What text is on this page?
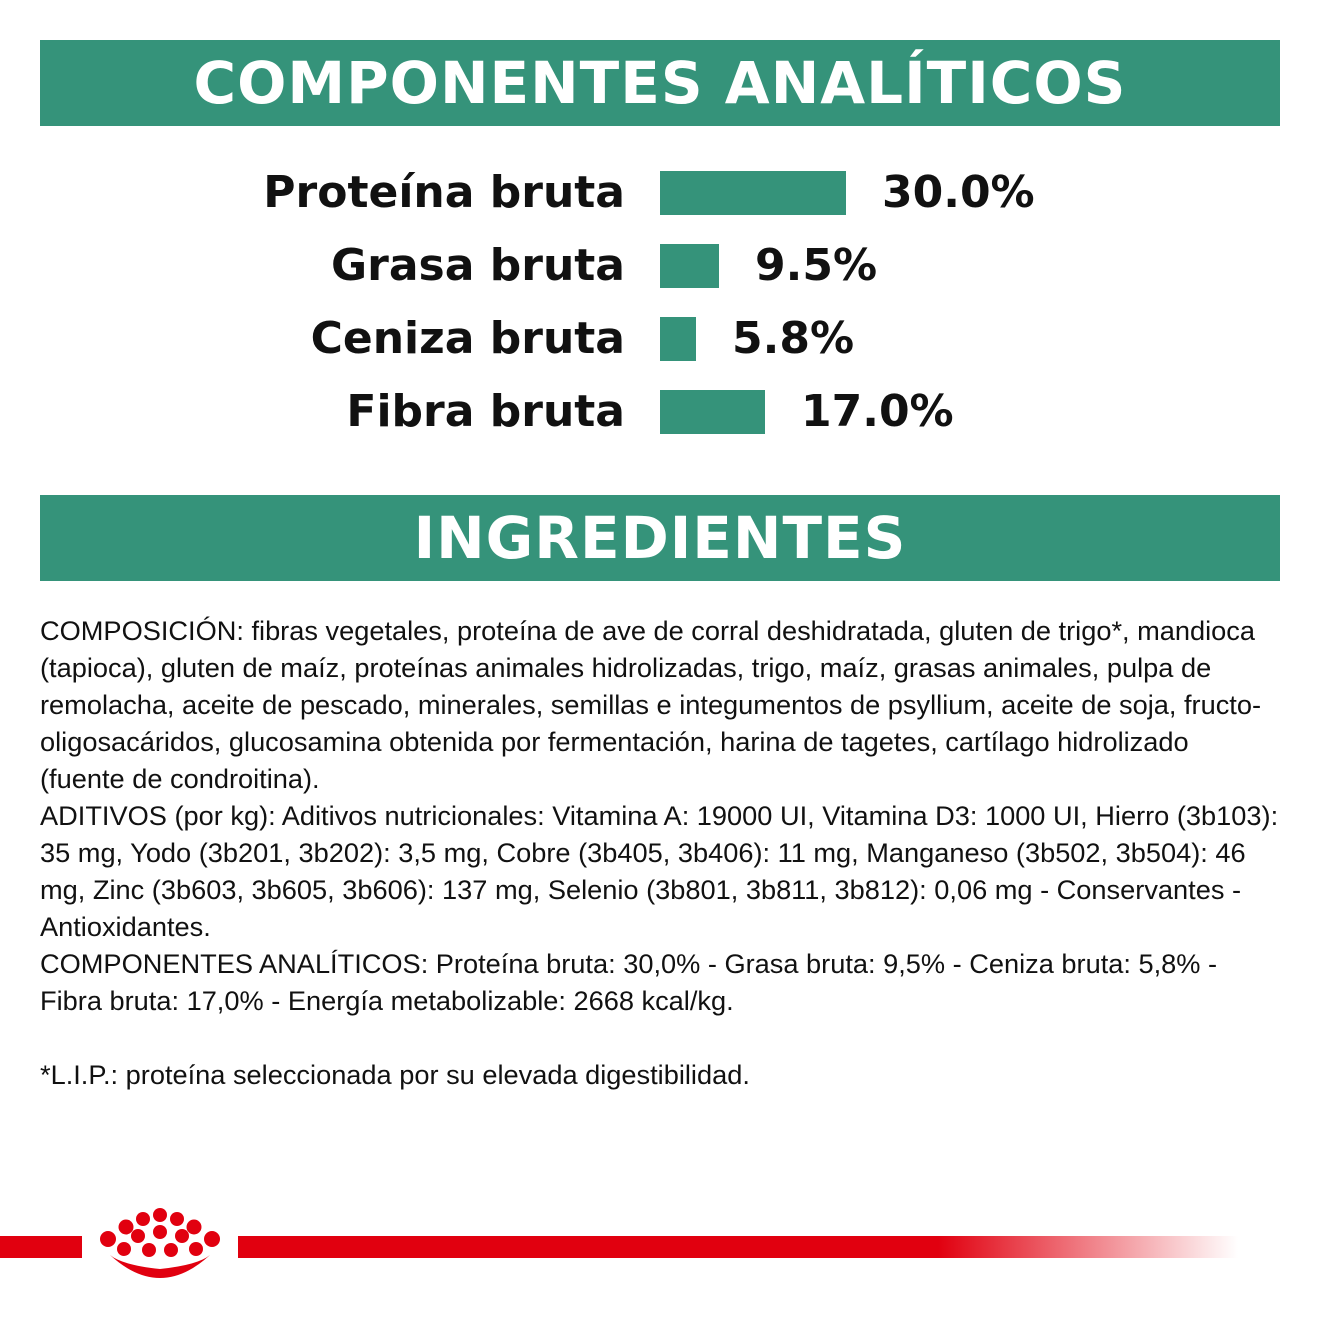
COMPONENTES ANALÍTICOS
Proteína bruta	30.0%
Grasa bruta	9.5%
Ceniza bruta 5.8%
Fibra bruta	17.0%
INGREDIENTES

COMPOSICIÓN: fibras vegetales, proteína de ave de corral deshidratada, gluten de trigo*, mandioca (tapioca), gluten de maíz, proteínas animales hidrolizadas, trigo, maíz, grasas animales, pulpa de remolacha, aceite de pescado, minerales, semillas e integumentos de psyllium, aceite de soja, fructo-oligosacáridos, glucosamina obtenida por fermentación, harina de tagetes, cartílago hidrolizado (fuente de condroitina).

ADITIVOS (por kg): Aditivos nutricionales: Vitamina A: 19000 UI, Vitamina D3: 1000 UI, Hierro (3b103): 35 mg, Yodo (3b201, 3b202): 3,5 mg, Cobre (3b405, 3b406): 11 mg, Manganeso (3b502, 3b504): 46 mg, Zinc (3b603, 3b605, 3b606): 137 mg, Selenio (3b801, 3b811, 3b812): 0,06 mg - Conservantes - Antioxidantes.

COMPONENTES ANALÍTICOS: Proteína bruta: 30,0% - Grasa bruta: 9,5% - Ceniza bruta: 5,8% - Fibra bruta: 17,0% - Energía metabolizable: 2668 kcal/kg.

*L.I.P.: proteína seleccionada por su elevada digestibilidad.
